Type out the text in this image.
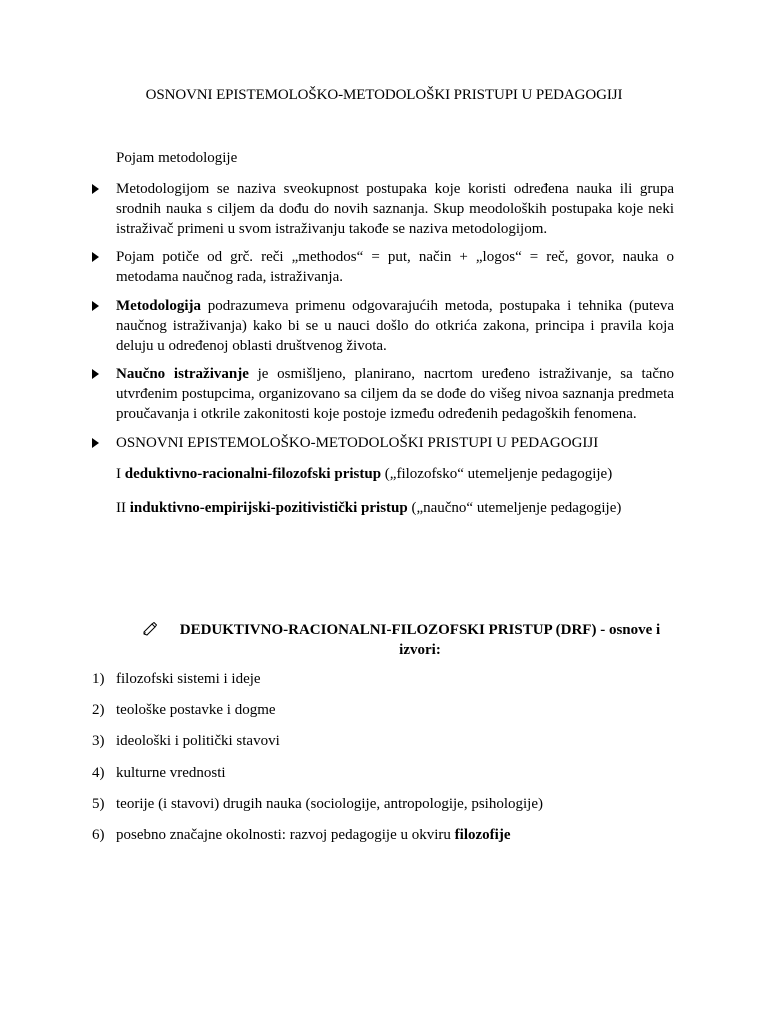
OSNOVNI EPISTEMOLOŠKO-METODOLOŠKI PRISTUPI U PEDAGOGIJI
Pojam metodologije
Metodologijom se naziva sveokupnost postupaka koje koristi određena nauka ili grupa srodnih nauka s ciljem da dođu do novih saznanja. Skup meodoloških postupaka koje neki istraživač primeni u svom istraživanju takođe se naziva metodologijom.
Pojam potiče od grč. reči „methodos“ = put, način + „logos“ = reč, govor, nauka o metodama naučnog rada, istraživanja.
Metodologija podrazumeva primenu odgovarajućih metoda, postupaka i tehnika (puteva naučnog istraživanja) kako bi se u nauci došlo do otkrića zakona, principa i pravila koja deluju u određenoj oblasti društvenog života.
Naučno istraživanje je osmišljeno, planirano, nacrtom uređeno istraživanje, sa tačno utvrđenim postupcima, organizovano sa ciljem da se dođe do višeg nivoa saznanja predmeta proučavanja i otkrile zakonitosti koje postoje između određenih pedagoških fenomena.
OSNOVNI EPISTEMOLOŠKO-METODOLOŠKI PRISTUPI U PEDAGOGIJI
I deduktivno-racionalni-filozofski pristup („filozofsko“ utemeljenje pedagogije)
II induktivno-empirijski-pozitivistički pristup („naučno“ utemeljenje pedagogije)
DEDUKTIVNO-RACIONALNI-FILOZOFSKI PRISTUP (DRF) - osnove i izvori:
1) filozofski sistemi i ideje
2) teološke postavke i dogme
3) ideološki i politički stavovi
4) kulturne vrednosti
5) teorije (i stavovi) drugih nauka (sociologije, antropologije, psihologije)
6) posebno značajne okolnosti: razvoj pedagogije u okviru filozofije
